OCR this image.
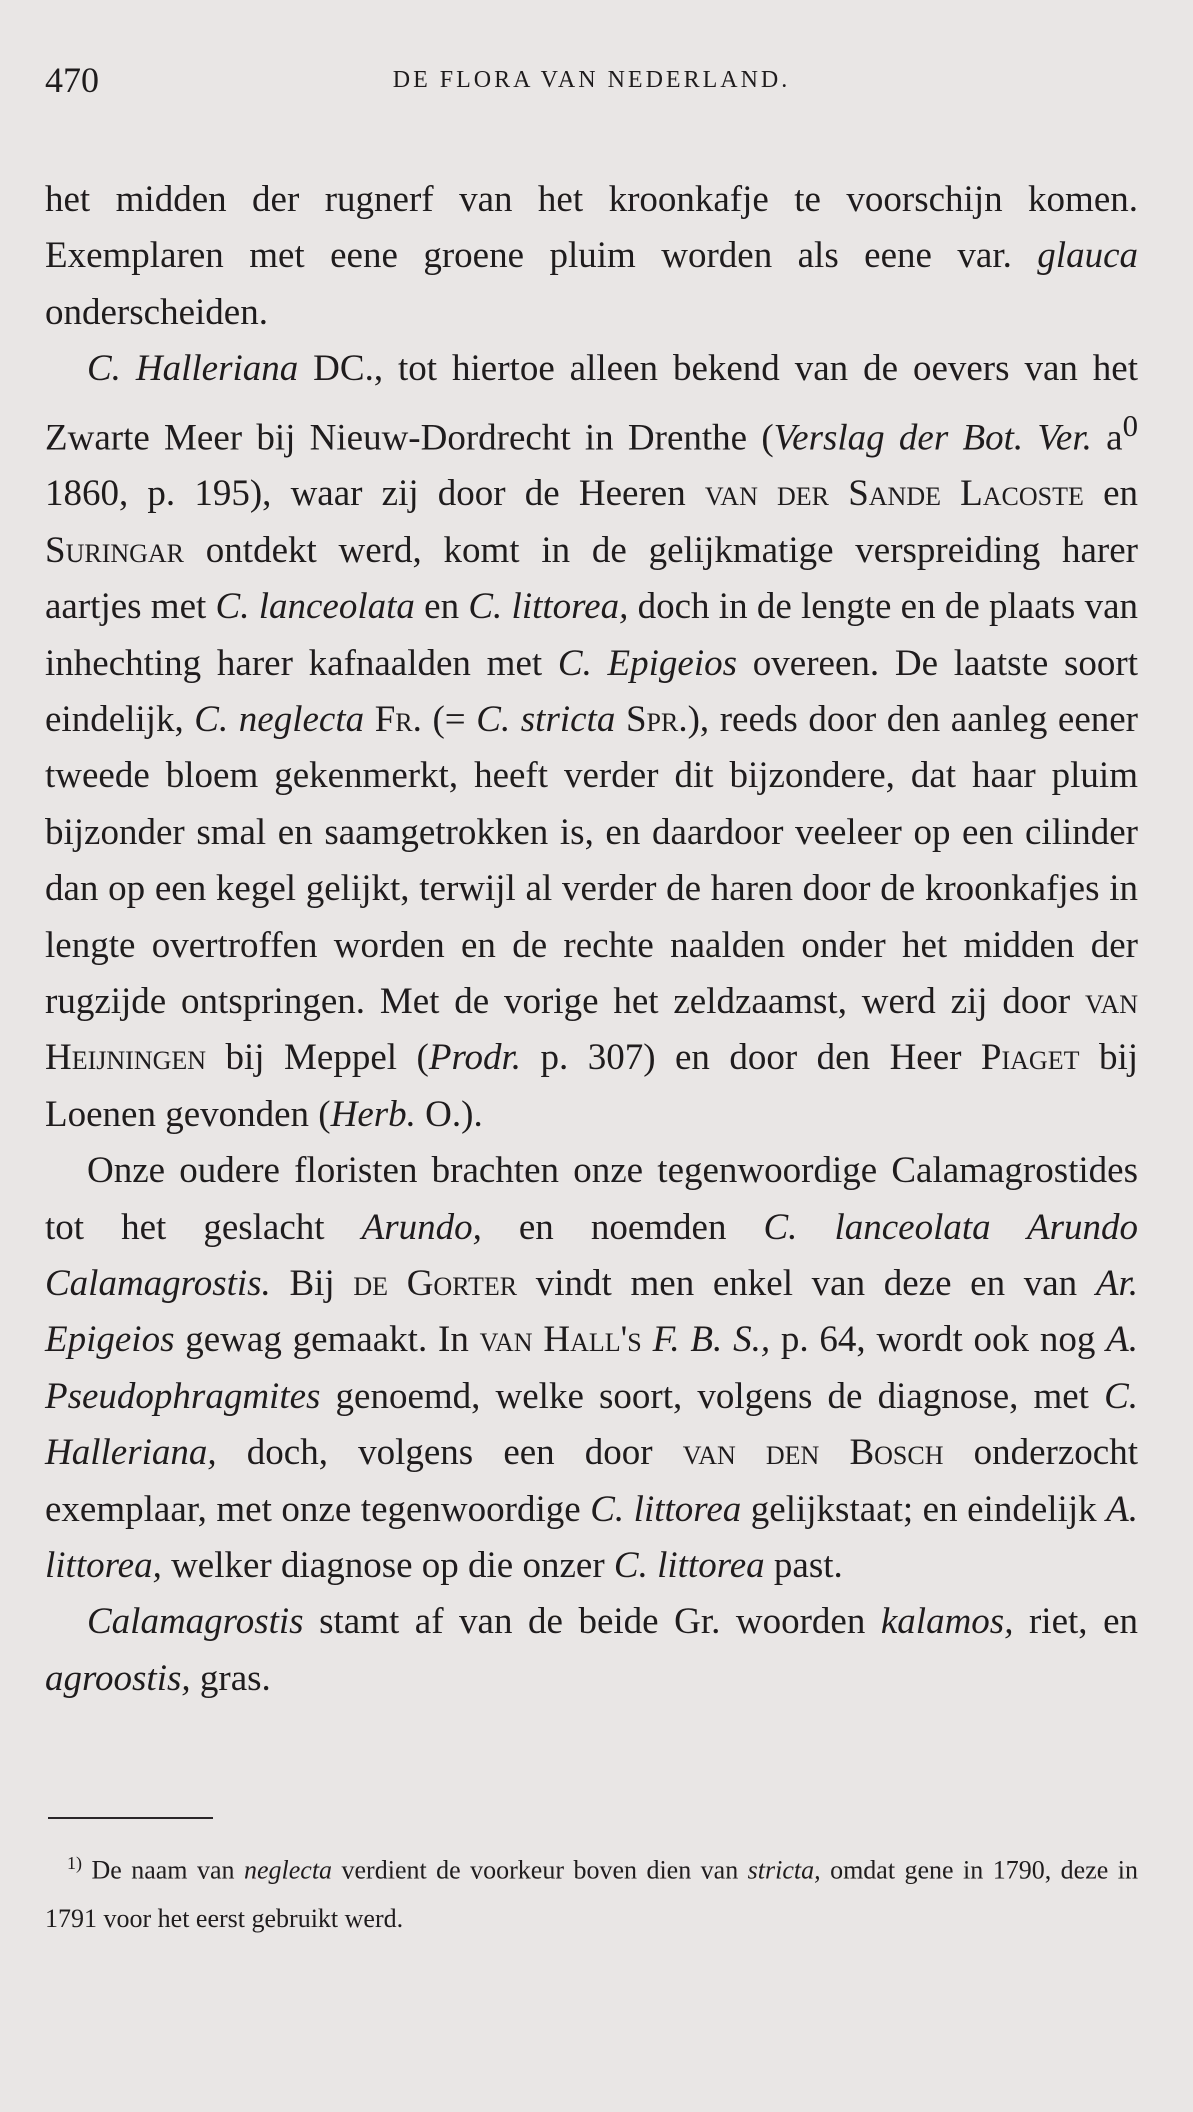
470	DE FLORA VAN NEDERLAND.

het midden der rugnerf van het kroonkafje te voorschijn komen. Exemplaren met eene groene pluim worden als eene var. glauca onderscheiden.

C. Halleriana DC., tot hiertoe alleen bekend van de oevers van het Zwarte Meer bij Nieuw-Dordrecht in Drenthe (Verslag der Bot. Ver. $a^0$ 1860, p. 195), waar zij door de Heeren van der Sande Lacoste en Suringar ontdekt werd, komt in de gelijkmatige verspreiding harer aartjes met C. lanceolata en C. littorea, doch in de lengte en de plaats van inhechting harer kafnaalden met C. Epigeios overeen. De laatste soort eindelijk, C. neglecta Fr. (= C. stricta Spr.), reeds door den aanleg eener tweede bloem gekenmerkt, heeft verder dit bijzondere, dat haar pluim bijzonder smal en saamgetrokken is, en daardoor veeleer op een cilinder dan op een kegel gelijkt, terwijl al verder de haren door de kroonkafjes in lengte overtroffen worden en de rechte naalden onder het midden der rugzijde ontspringen. Met de vorige het zeldzaamst, werd zij door van Heijningen bij Meppel (Prodr. p. 307) en door den Heer Piaget bij Loenen gevonden (Herb. O.).

Onze oudere floristen brachten onze tegenwoordige Calamagrostides tot het geslacht Arundo, en noemden C. lanceolata Arundo Calamagrostis. Bij de Gorter vindt men enkel van deze en van Ar. Epigeios gewag gemaakt. In van Hall's F. B. S., p. 64, wordt ook nog A. Pseudophragmites genoemd, welke soort, volgens de diagnose, met C. Halleriana, doch, volgens een door van den Bosch onderzocht exemplaar, met onze tegenwoordige C. littorea gelijkstaat; en eindelijk A. littorea, welker diagnose op die onzer C. littorea past.

Calamagrostis stamt af van de beide Gr. woorden kalamos, riet, en agroostis, gras.

$^{1)}$ De naam van neglecta verdient de voorkeur boven dien van stricta, omdat gene in 1790, deze in 1791 voor het eerst gebruikt werd.
